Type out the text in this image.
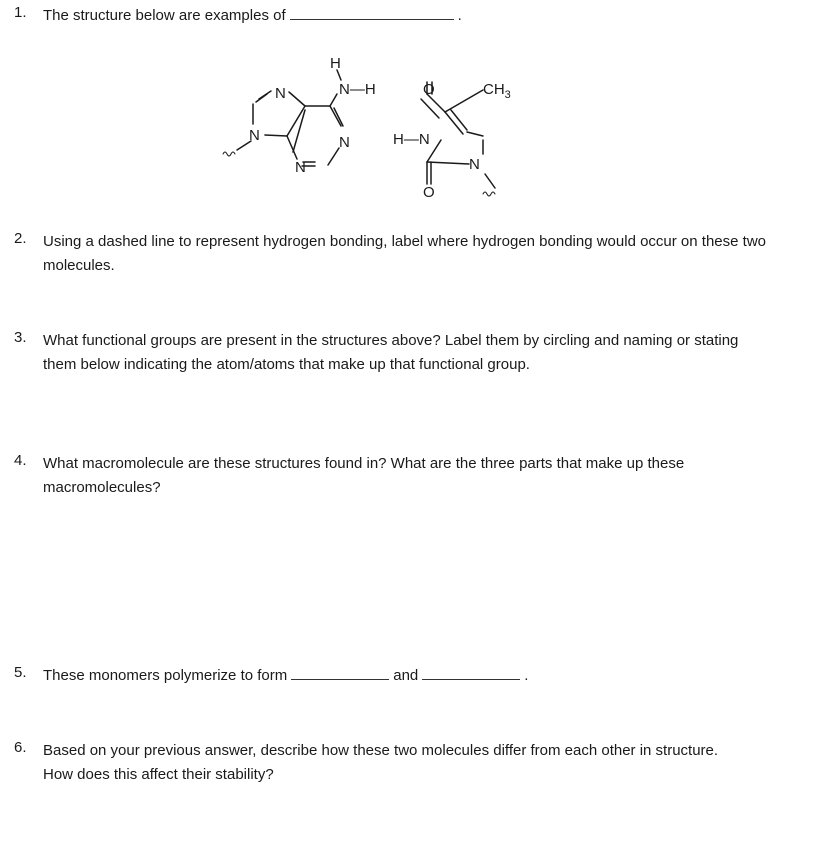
1. The structure below are examples of	.
H
N—H
N
N	N
N
O	$CH_3$
H—N
N
O
2. Using a dashed line to represent hydrogen bonding, label where hydrogen bonding would occur on these two molecules.
3. What functional groups are present in the structures above? Label them by circling and naming or stating them below indicating the atom/atoms that make up that functional group.
4. What macromolecule are these structures found in? What are the three parts that make up these macromolecules?
5. These monomers polymerize to form	and	.
6. Based on your previous answer, describe how these two molecules differ from each other in structure. How does this affect their stability?
